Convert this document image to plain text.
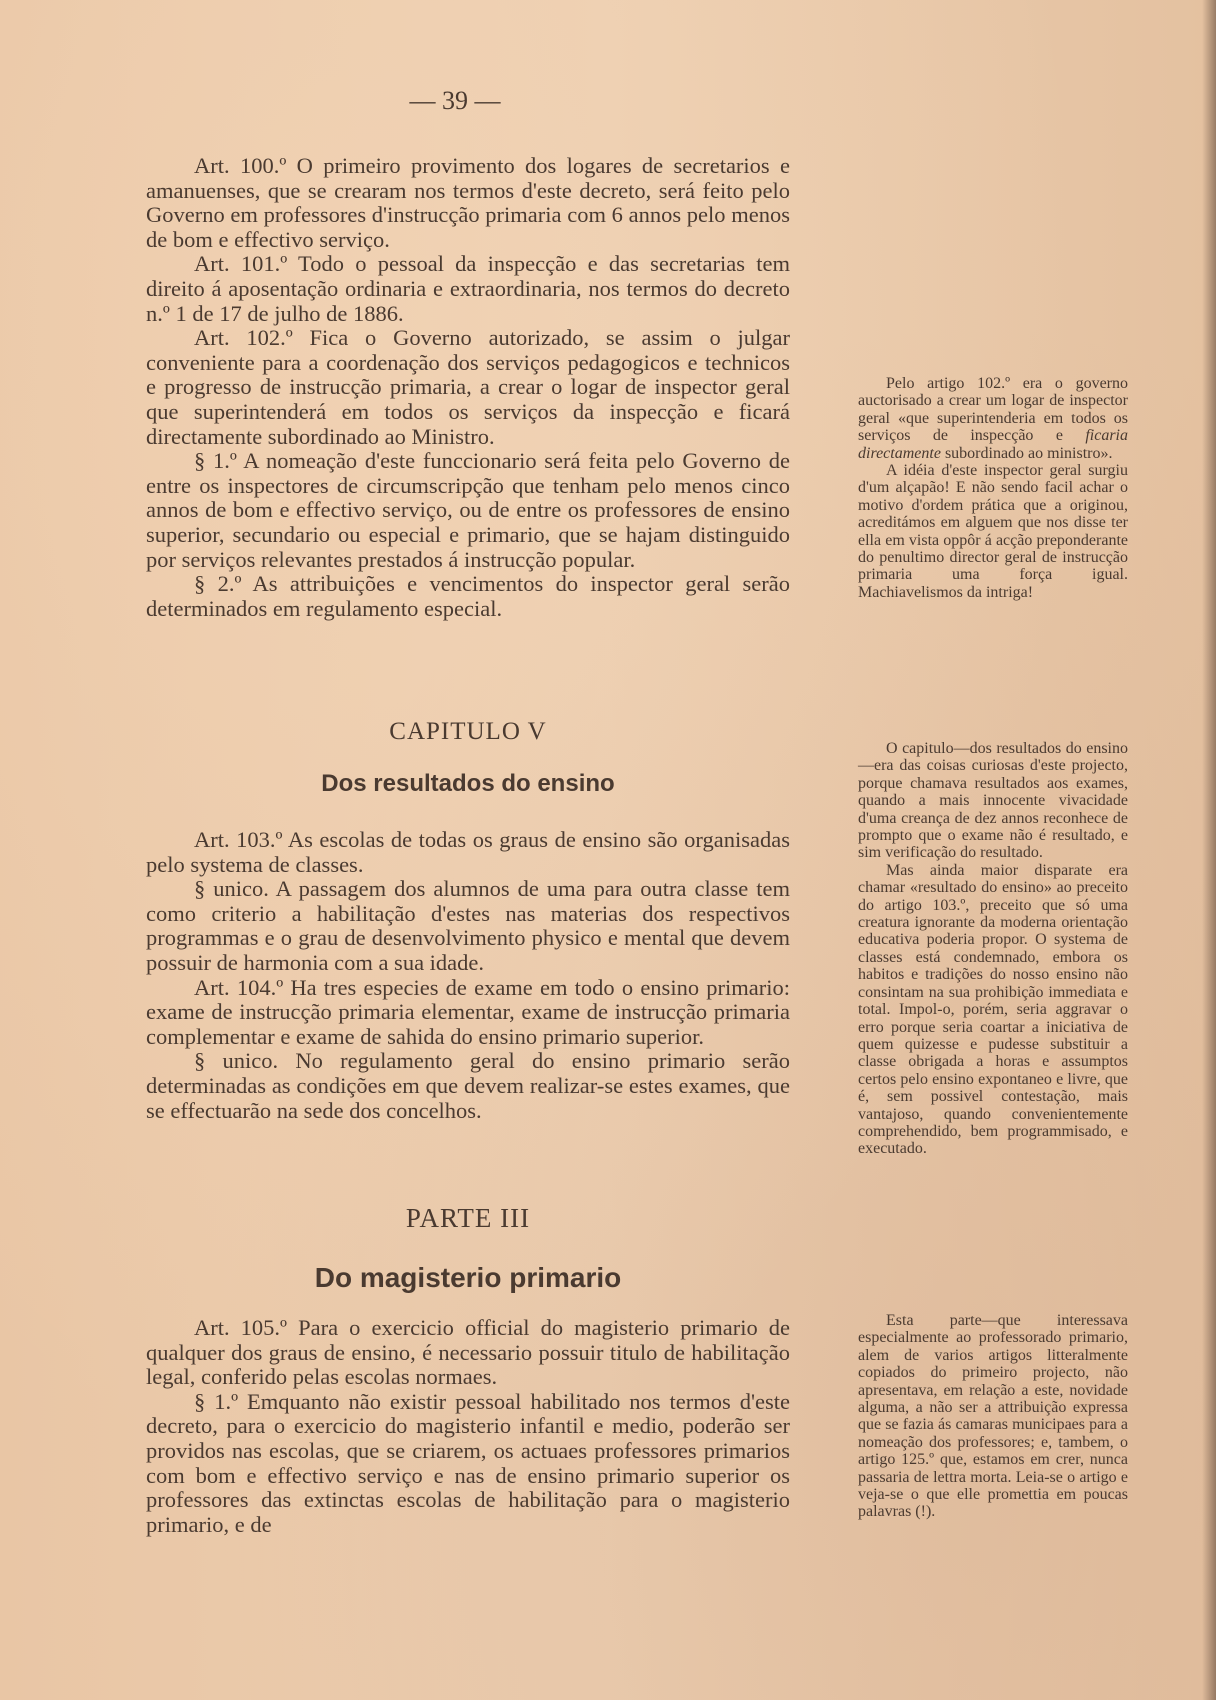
— 39 —

Art. 100.º O primeiro provimento dos logares de secretarios e amanuenses, que se crearam nos termos d'este decreto, será feito pelo Governo em professores d'instrucção primaria com 6 annos pelo menos de bom e effectivo serviço.

Art. 101.º Todo o pessoal da inspecção e das secretarias tem direito á aposentação ordinaria e extraordinaria, nos termos do decreto n.º 1 de 17 de julho de 1886.

Art. 102.º Fica o Governo autorizado, se assim o julgar conveniente para a coordenação dos serviços pedagogicos e technicos e progresso de instrucção primaria, a crear o logar de inspector geral que superintenderá em todos os serviços da inspecção e ficará directamente subordinado ao Ministro.

§ 1.º A nomeação d'este funccionario será feita pelo Governo de entre os inspectores de circumscripção que tenham pelo menos cinco annos de bom e effectivo serviço, ou de entre os professores de ensino superior, secundario ou especial e primario, que se hajam distinguido por serviços relevantes prestados á instrucção popular.

§ 2.º As attribuições e vencimentos do inspector geral serão determinados em regulamento especial.

CAPITULO V
Dos resultados do ensino

Art. 103.º As escolas de todas os graus de ensino são organisadas pelo systema de classes.

§ unico. A passagem dos alumnos de uma para outra classe tem como criterio a habilitação d'estes nas materias dos respectivos programmas e o grau de desenvolvimento physico e mental que devem possuir de harmonia com a sua idade.

Art. 104.º Ha tres especies de exame em todo o ensino primario: exame de instrucção primaria elementar, exame de instrucção primaria complementar e exame de sahida do ensino primario superior.

§ unico. No regulamento geral do ensino primario serão determinadas as condições em que devem realizar-se estes exames, que se effectuarão na sede dos concelhos.

PARTE III
Do magisterio primario

Art. 105.º Para o exercicio official do magisterio primario de qualquer dos graus de ensino, é necessario possuir titulo de habilitação legal, conferido pelas escolas normaes.

§ 1.º Emquanto não existir pessoal habilitado nos termos d'este decreto, para o exercicio do magisterio infantil e medio, poderão ser providos nas escolas, que se criarem, os actuaes professores primarios com bom e effectivo serviço e nas de ensino primario superior os professores das extinctas escolas de habilitação para o magisterio primario, e de

Pelo artigo 102.º era o governo auctorisado a crear um logar de inspector geral «que superintenderia em todos os serviços de inspecção e ficaria directamente subordinado ao ministro».

A idéia d'este inspector geral surgiu d'um alçapão! E não sendo facil achar o motivo d'ordem prática que a originou, acreditámos em alguem que nos disse ter ella em vista oppôr á acção preponderante do penultimo director geral de instrucção primaria uma força igual. Machiavelismos da intriga!

O capitulo—dos resultados do ensino—era das coisas curiosas d'este projecto, porque chamava resultados aos exames, quando a mais innocente vivacidade d'uma creança de dez annos reconhece de prompto que o exame não é resultado, e sim verificação do resultado.

Mas ainda maior disparate era chamar «resultado do ensino» ao preceito do artigo 103.º, preceito que só uma creatura ignorante da moderna orientação educativa poderia propor. O systema de classes está condemnado, embora os habitos e tradições do nosso ensino não consintam na sua prohibição immediata e total. Impol-o, porém, seria aggravar o erro porque seria coartar a iniciativa de quem quizesse e pudesse substituir a classe obrigada a horas e assumptos certos pelo ensino expontaneo e livre, que é, sem possivel contestação, mais vantajoso, quando convenientemente comprehendido, bem programmisado, e executado.

Esta parte—que interessava especialmente ao professorado primario, alem de varios artigos litteralmente copiados do primeiro projecto, não apresentava, em relação a este, novidade alguma, a não ser a attribuição expressa que se fazia ás camaras municipaes para a nomeação dos professores; e, tambem, o artigo 125.º que, estamos em crer, nunca passaria de lettra morta. Leia-se o artigo e veja-se o que elle promettia em poucas palavras (!).
